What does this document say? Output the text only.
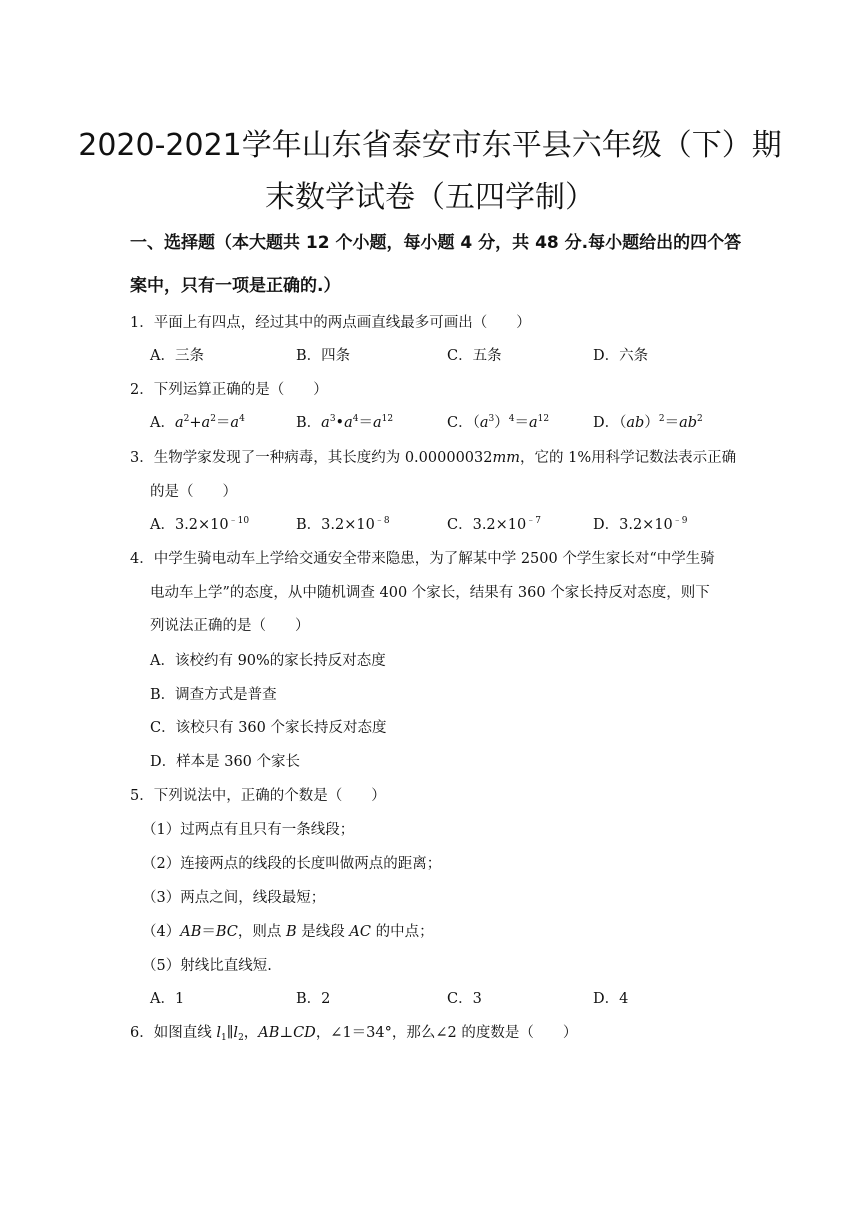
2020-2021学年山东省泰安市东平县六年级（下）期
末数学试卷（五四学制）
一、选择题（本大题共 12 个小题，每小题 4 分，共 48 分.每小题给出的四个答
案中，只有一项是正确的.）
1．平面上有四点，经过其中的两点画直线最多可画出（　　）
A．三条	B．四条	C．五条	D．六条
2．下列运算正确的是（　　）
A．$a^2+a^2=a^4$	B．$a^3•a^4=a^{12}$	C．$(a^3)^4=a^{12}$	D．$(ab)^2=ab^2$
3．生物学家发现了一种病毒，其长度约为 0.00000032mm，它的 1%用科学记数法表示正确
的是（　　）
A．$3.2\times 10^{﹣10}$	B．$3.2\times 10^{﹣8}$	C．$3.2\times 10^{﹣7}$	D．$3.2\times 10^{﹣9}$
4．中学生骑电动车上学给交通安全带来隐患，为了解某中学 2500 个学生家长对“中学生骑
电动车上学”的态度，从中随机调查 400 个家长，结果有 360 个家长持反对态度，则下
列说法正确的是（　　）
A．该校约有 90%的家长持反对态度
B．调查方式是普查
C．该校只有 360 个家长持反对态度
D．样本是 360 个家长
5．下列说法中，正确的个数是（　　）
（1）过两点有且只有一条线段；
（2）连接两点的线段的长度叫做两点的距离；
（3）两点之间，线段最短；
（4）AB＝BC，则点 B 是线段 AC 的中点；
（5）射线比直线短.
A．1	B．2	C．3	D．4
6．如图直线 $l_1\parallel l_2$，AB⊥CD，∠1＝34°，那么∠2 的度数是（　　）
